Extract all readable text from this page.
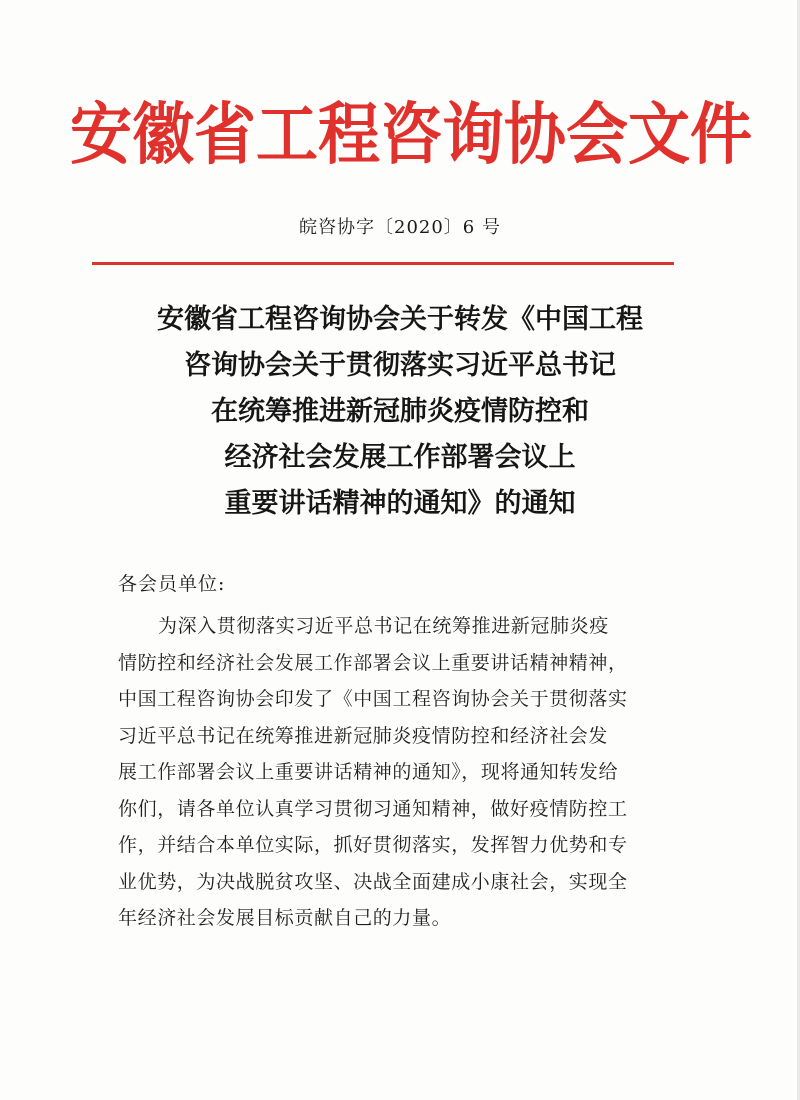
安徽省工程咨询协会文件
皖咨协字〔2020〕6 号
安徽省工程咨询协会关于转发《中国工程
咨询协会关于贯彻落实习近平总书记
在统筹推进新冠肺炎疫情防控和
经济社会发展工作部署会议上
重要讲话精神的通知》的通知
各会员单位:
为深入贯彻落实习近平总书记在统筹推进新冠肺炎疫
情防控和经济社会发展工作部署会议上重要讲话精神精神，
中国工程咨询协会印发了《中国工程咨询协会关于贯彻落实
习近平总书记在统筹推进新冠肺炎疫情防控和经济社会发
展工作部署会议上重要讲话精神的通知》，现将通知转发给
你们，请各单位认真学习贯彻习通知精神，做好疫情防控工
作，并结合本单位实际，抓好贯彻落实，发挥智力优势和专
业优势，为决战脱贫攻坚、决战全面建成小康社会，实现全
年经济社会发展目标贡献自己的力量。
